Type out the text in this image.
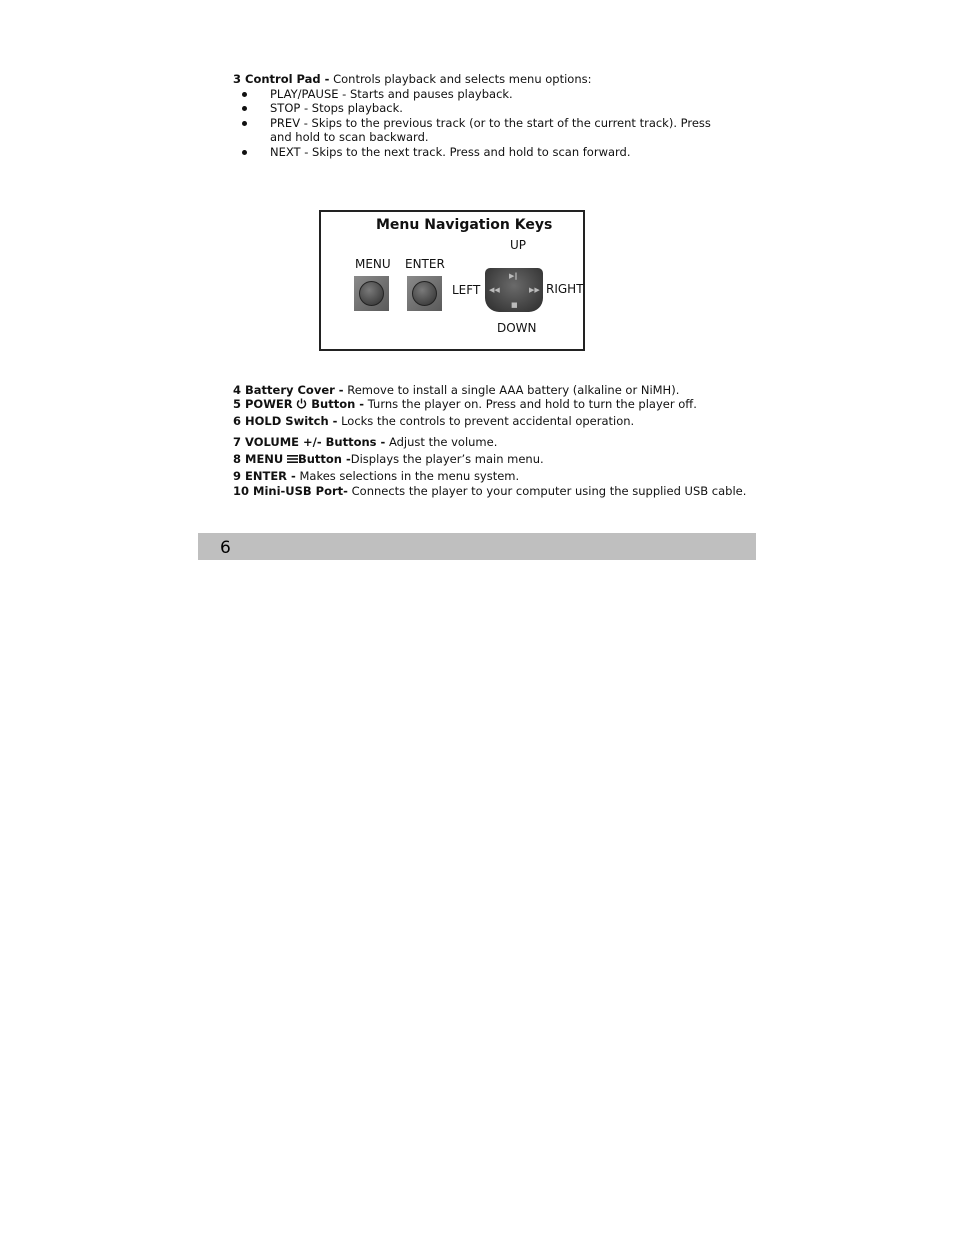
3 Control Pad - Controls playback and selects menu options:
PLAY/PAUSE - Starts and pauses playback.
STOP - Stops playback.
PREV - Skips to the previous track (or to the start of the current track). Press
and hold to scan backward.
NEXT - Skips to the next track. Press and hold to scan forward.
Menu Navigation Keys
UP
MENU ENTER
LEFT	RIGHT
DOWN
▶‖
◀◀	▶▶
■
4 Battery Cover - Remove to install a single AAA battery (alkaline or NiMH).
5 POWER  Button - Turns the player on. Press and hold to turn the player off.
6 HOLD Switch - Locks the controls to prevent accidental operation.
7 VOLUME +/- Buttons - Adjust the volume.
8 MENU Button -Displays the player’s main menu.
9 ENTER - Makes selections in the menu system.
10 Mini-USB Port- Connects the player to your computer using the supplied USB cable.
6
